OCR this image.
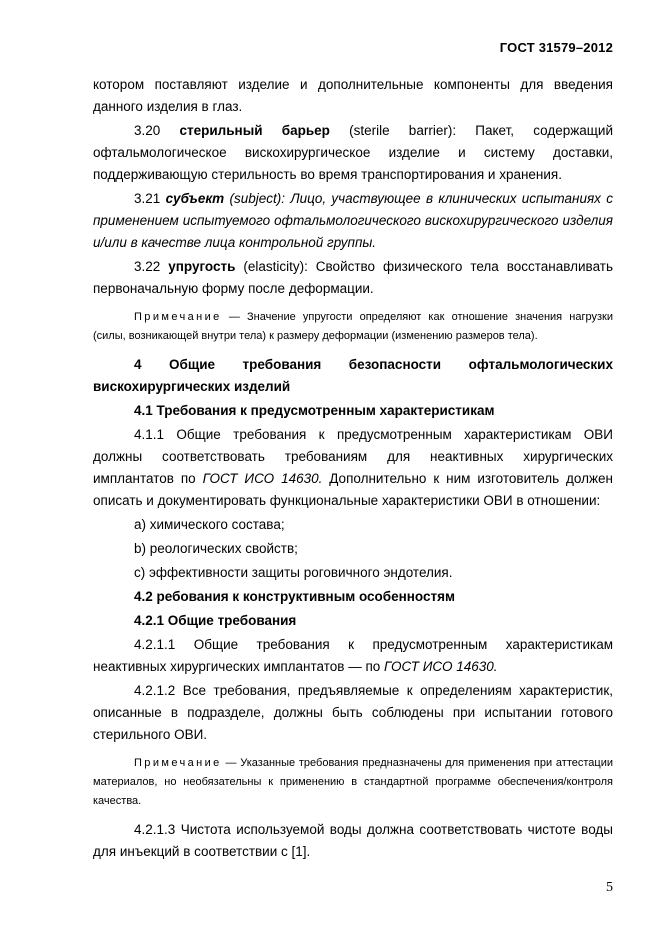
ГОСТ 31579–2012

котором поставляют изделие и дополнительные компоненты для введения данного изделия в глаз.

3.20 стерильный барьер (sterile barrier): Пакет, содержащий офтальмологическое вискохирургическое изделие и систему доставки, поддерживающую стерильность во время транспортирования и хранения.

3.21 субъект (subject): Лицо, участвующее в клинических испытаниях с применением испытуемого офтальмологического вискохирургического изделия и/или в качестве лица контрольной группы.

3.22 упругость (elasticity): Свойство физического тела восстанавливать первоначальную форму после деформации.

Примечание — Значение упругости определяют как отношение значения нагрузки (силы, возникающей внутри тела) к размеру деформации (изменению размеров тела).

4 Общие требования безопасности офтальмологических вискохирургических изделий

4.1 Требования к предусмотренным характеристикам

4.1.1 Общие требования к предусмотренным характеристикам ОВИ должны соответствовать требованиям для неактивных хирургических имплантатов по ГОСТ ИСО 14630. Дополнительно к ним изготовитель должен описать и документировать функциональные характеристики ОВИ в отношении:

а) химического состава;

b) реологических свойств;

с) эффективности защиты роговичного эндотелия.

4.2 ребования к конструктивным особенностям

4.2.1 Общие требования

4.2.1.1 Общие требования к предусмотренным характеристикам неактивных хирургических имплантатов — по ГОСТ ИСО 14630.

4.2.1.2 Все требования, предъявляемые к определениям характеристик, описанные в подразделе, должны быть соблюдены при испытании готового стерильного ОВИ.

Примечание — Указанные требования предназначены для применения при аттестации материалов, но необязательны к применению в стандартной программе обеспечения/контроля качества.

4.2.1.3 Чистота используемой воды должна соответствовать чистоте воды для инъекций в соответствии с [1].

5
